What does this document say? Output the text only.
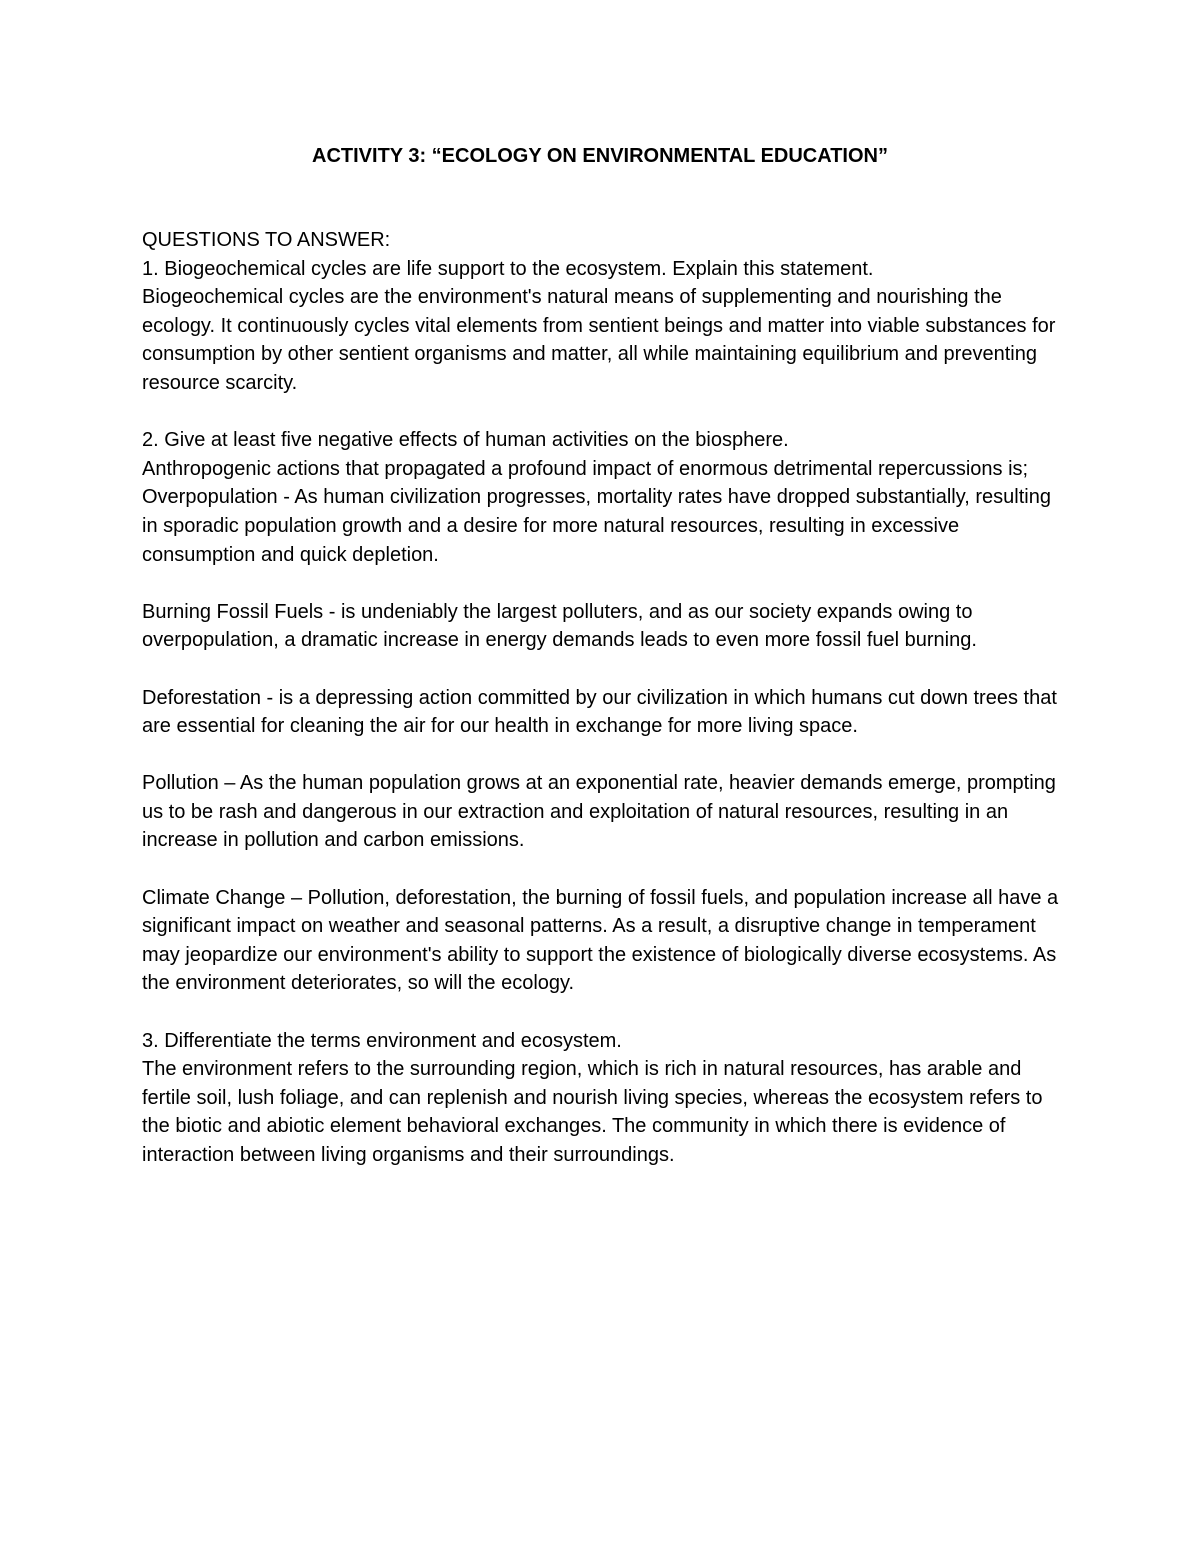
ACTIVITY 3: “ECOLOGY ON ENVIRONMENTAL EDUCATION”

QUESTIONS TO ANSWER:

1. Biogeochemical cycles are life support to the ecosystem. Explain this statement.

Biogeochemical cycles are the environment's natural means of supplementing and nourishing the ecology. It continuously cycles vital elements from sentient beings and matter into viable substances for consumption by other sentient organisms and matter, all while maintaining equilibrium and preventing resource scarcity.

2. Give at least five negative effects of human activities on the biosphere.

Anthropogenic actions that propagated a profound impact of enormous detrimental repercussions is;

Overpopulation - As human civilization progresses, mortality rates have dropped substantially, resulting in sporadic population growth and a desire for more natural resources, resulting in excessive consumption and quick depletion.

Burning Fossil Fuels - is undeniably the largest polluters, and as our society expands owing to overpopulation, a dramatic increase in energy demands leads to even more fossil fuel burning.

Deforestation - is a depressing action committed by our civilization in which humans cut down trees that are essential for cleaning the air for our health in exchange for more living space.

Pollution – As the human population grows at an exponential rate, heavier demands emerge, prompting us to be rash and dangerous in our extraction and exploitation of natural resources, resulting in an increase in pollution and carbon emissions.

Climate Change – Pollution, deforestation, the burning of fossil fuels, and population increase all have a significant impact on weather and seasonal patterns. As a result, a disruptive change in temperament may jeopardize our environment's ability to support the existence of biologically diverse ecosystems. As the environment deteriorates, so will the ecology.

3. Differentiate the terms environment and ecosystem.

The environment refers to the surrounding region, which is rich in natural resources, has arable and fertile soil, lush foliage, and can replenish and nourish living species, whereas the ecosystem refers to the biotic and abiotic element behavioral exchanges. The community in which there is evidence of interaction between living organisms and their surroundings.
